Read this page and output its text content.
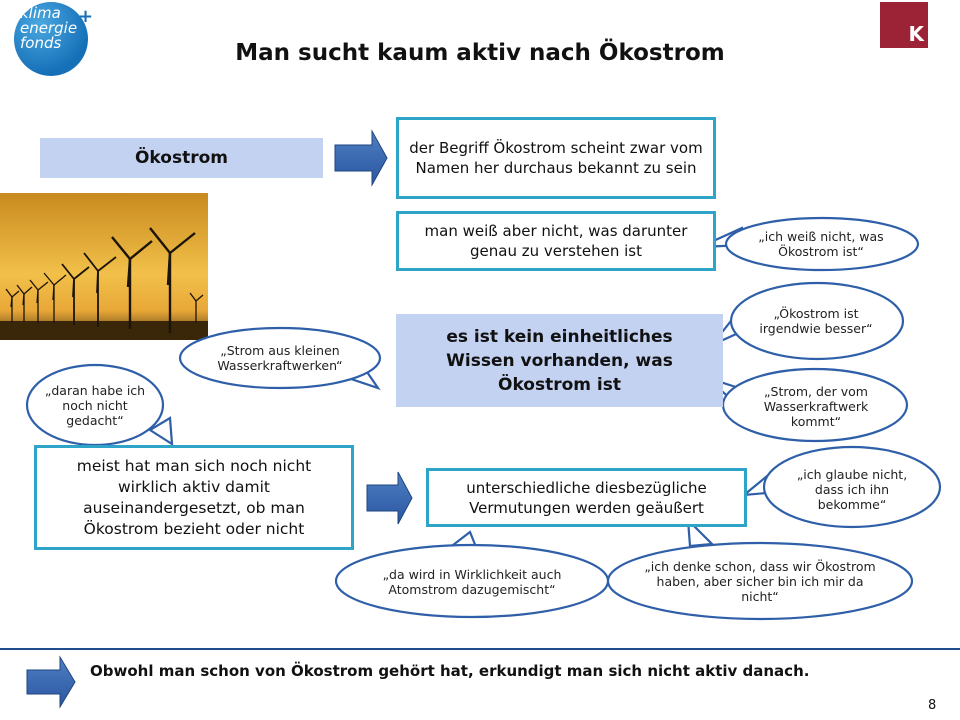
klima
energie
fonds
+
K
Man sucht kaum aktiv nach Ökostrom
Ökostrom
meist hat man sich noch nicht wirklich aktiv damit auseinandergesetzt, ob man Ökostrom bezieht oder nicht
der Begriff Ökostrom scheint zwar vom Namen her durchaus bekannt zu sein
man weiß aber nicht, was darunter genau zu verstehen ist
es ist kein einheitliches Wissen vorhanden, was Ökostrom ist
unterschiedliche diesbezügliche Vermutungen werden geäußert
„ich weiß nicht, was Ökostrom ist“
„Ökostrom ist irgendwie besser“
„Strom aus kleinen Wasserkraftwerken“
„Strom, der vom Wasserkraftwerk kommt“
„daran habe ich noch nicht gedacht“
„ich glaube nicht, dass ich ihn bekomme“
„da wird in Wirklichkeit auch Atomstrom dazugemischt“
„ich denke schon, dass wir Ökostrom haben, aber sicher bin ich mir da nicht“
Obwohl man schon von Ökostrom gehört hat, erkundigt man sich nicht aktiv danach.
8
